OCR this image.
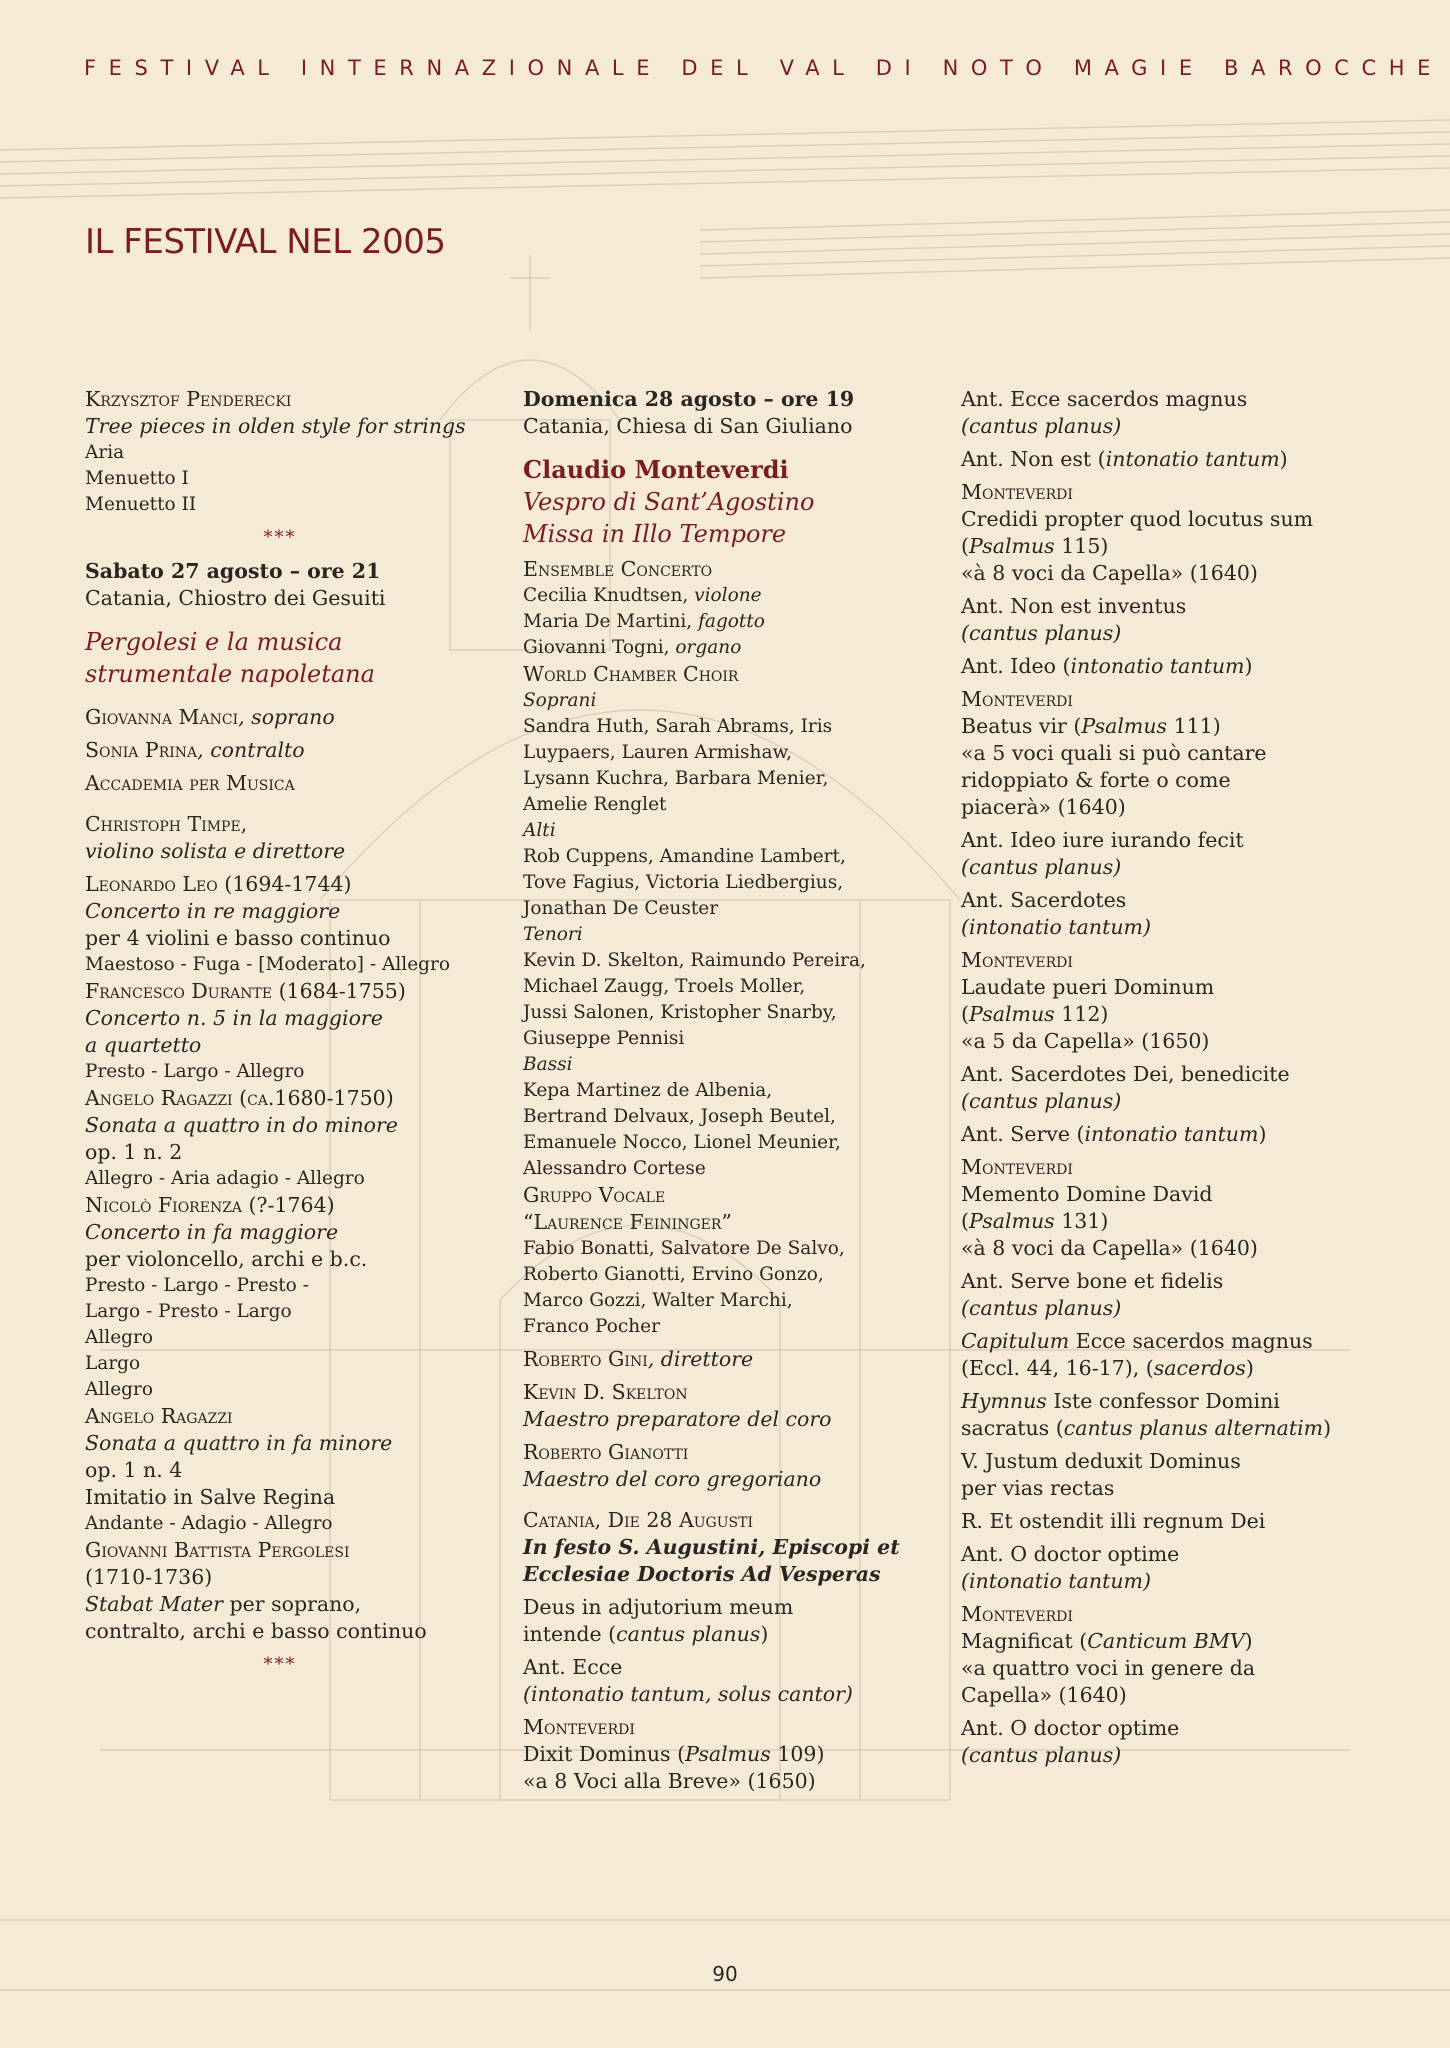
FESTIVAL INTERNAZIONALE DEL VAL DI NOTO MAGIE BAROCCHE
IL FESTIVAL NEL 2005
Krzysztof Penderecki
Tree pieces in olden style for strings
Aria
Menuetto I
Menuetto II
***
Sabato 27 agosto – ore 21
Catania, Chiostro dei Gesuiti
Pergolesi e la musica
strumentale napoletana
Giovanna Manci, soprano
Sonia Prina, contralto
Accademia per Musica
Christoph Timpe,
violino solista e direttore
Leonardo Leo (1694-1744)
Concerto in re maggiore
per 4 violini e basso continuo
Maestoso - Fuga - [Moderato] - Allegro
Francesco Durante (1684-1755)
Concerto n. 5 in la maggiore
a quartetto
Presto - Largo - Allegro
Angelo Ragazzi (ca.1680-1750)
Sonata a quattro in do minore
op. 1 n. 2
Allegro - Aria adagio - Allegro
Nicolò Fiorenza (?-1764)
Concerto in fa maggiore
per violoncello, archi e b.c.
Presto - Largo - Presto -
Largo - Presto - Largo
Allegro
Largo
Allegro
Angelo Ragazzi
Sonata a quattro in fa minore
op. 1 n. 4
Imitatio in Salve Regina
Andante - Adagio - Allegro
Giovanni Battista Pergolesi
(1710-1736)
Stabat Mater per soprano,
contralto, archi e basso continuo
***
Domenica 28 agosto – ore 19
Catania, Chiesa di San Giuliano
Claudio Monteverdi
Vespro di Sant’Agostino
Missa in Illo Tempore
Ensemble Concerto
Cecilia Knudtsen, violone
Maria De Martini, fagotto
Giovanni Togni, organo
World Chamber Choir
Soprani
Sandra Huth, Sarah Abrams, Iris
Luypaers, Lauren Armishaw,
Lysann Kuchra, Barbara Menier,
Amelie Renglet
Alti
Rob Cuppens, Amandine Lambert,
Tove Fagius, Victoria Liedbergius,
Jonathan De Ceuster
Tenori
Kevin D. Skelton, Raimundo Pereira,
Michael Zaugg, Troels Moller,
Jussi Salonen, Kristopher Snarby,
Giuseppe Pennisi
Bassi
Kepa Martinez de Albenia,
Bertrand Delvaux, Joseph Beutel,
Emanuele Nocco, Lionel Meunier,
Alessandro Cortese
Gruppo Vocale
“Laurence Feininger”
Fabio Bonatti, Salvatore De Salvo,
Roberto Gianotti, Ervino Gonzo,
Marco Gozzi, Walter Marchi,
Franco Pocher
Roberto Gini, direttore
Kevin D. Skelton
Maestro preparatore del coro
Roberto Gianotti
Maestro del coro gregoriano
Catania, Die 28 Augusti
In festo S. Augustini, Episcopi et
Ecclesiae Doctoris Ad Vesperas
Deus in adjutorium meum
intende (cantus planus)
Ant. Ecce
(intonatio tantum, solus cantor)
Monteverdi
Dixit Dominus (Psalmus 109)
«a 8 Voci alla Breve» (1650)
Ant. Ecce sacerdos magnus
(cantus planus)
Ant. Non est (intonatio tantum)
Monteverdi
Credidi propter quod locutus sum
(Psalmus 115)
«à 8 voci da Capella» (1640)
Ant. Non est inventus
(cantus planus)
Ant. Ideo (intonatio tantum)
Monteverdi
Beatus vir (Psalmus 111)
«a 5 voci quali si può cantare
ridoppiato & forte o come
piacerà» (1640)
Ant. Ideo iure iurando fecit
(cantus planus)
Ant. Sacerdotes
(intonatio tantum)
Monteverdi
Laudate pueri Dominum
(Psalmus 112)
«a 5 da Capella» (1650)
Ant. Sacerdotes Dei, benedicite
(cantus planus)
Ant. Serve (intonatio tantum)
Monteverdi
Memento Domine David
(Psalmus 131)
«à 8 voci da Capella» (1640)
Ant. Serve bone et fidelis
(cantus planus)
Capitulum Ecce sacerdos magnus
(Eccl. 44, 16-17), (sacerdos)
Hymnus Iste confessor Domini
sacratus (cantus planus alternatim)
V. Justum deduxit Dominus
per vias rectas
R. Et ostendit illi regnum Dei
Ant. O doctor optime
(intonatio tantum)
Monteverdi
Magnificat (Canticum BMV)
«a quattro voci in genere da
Capella» (1640)
Ant. O doctor optime
(cantus planus)
90
